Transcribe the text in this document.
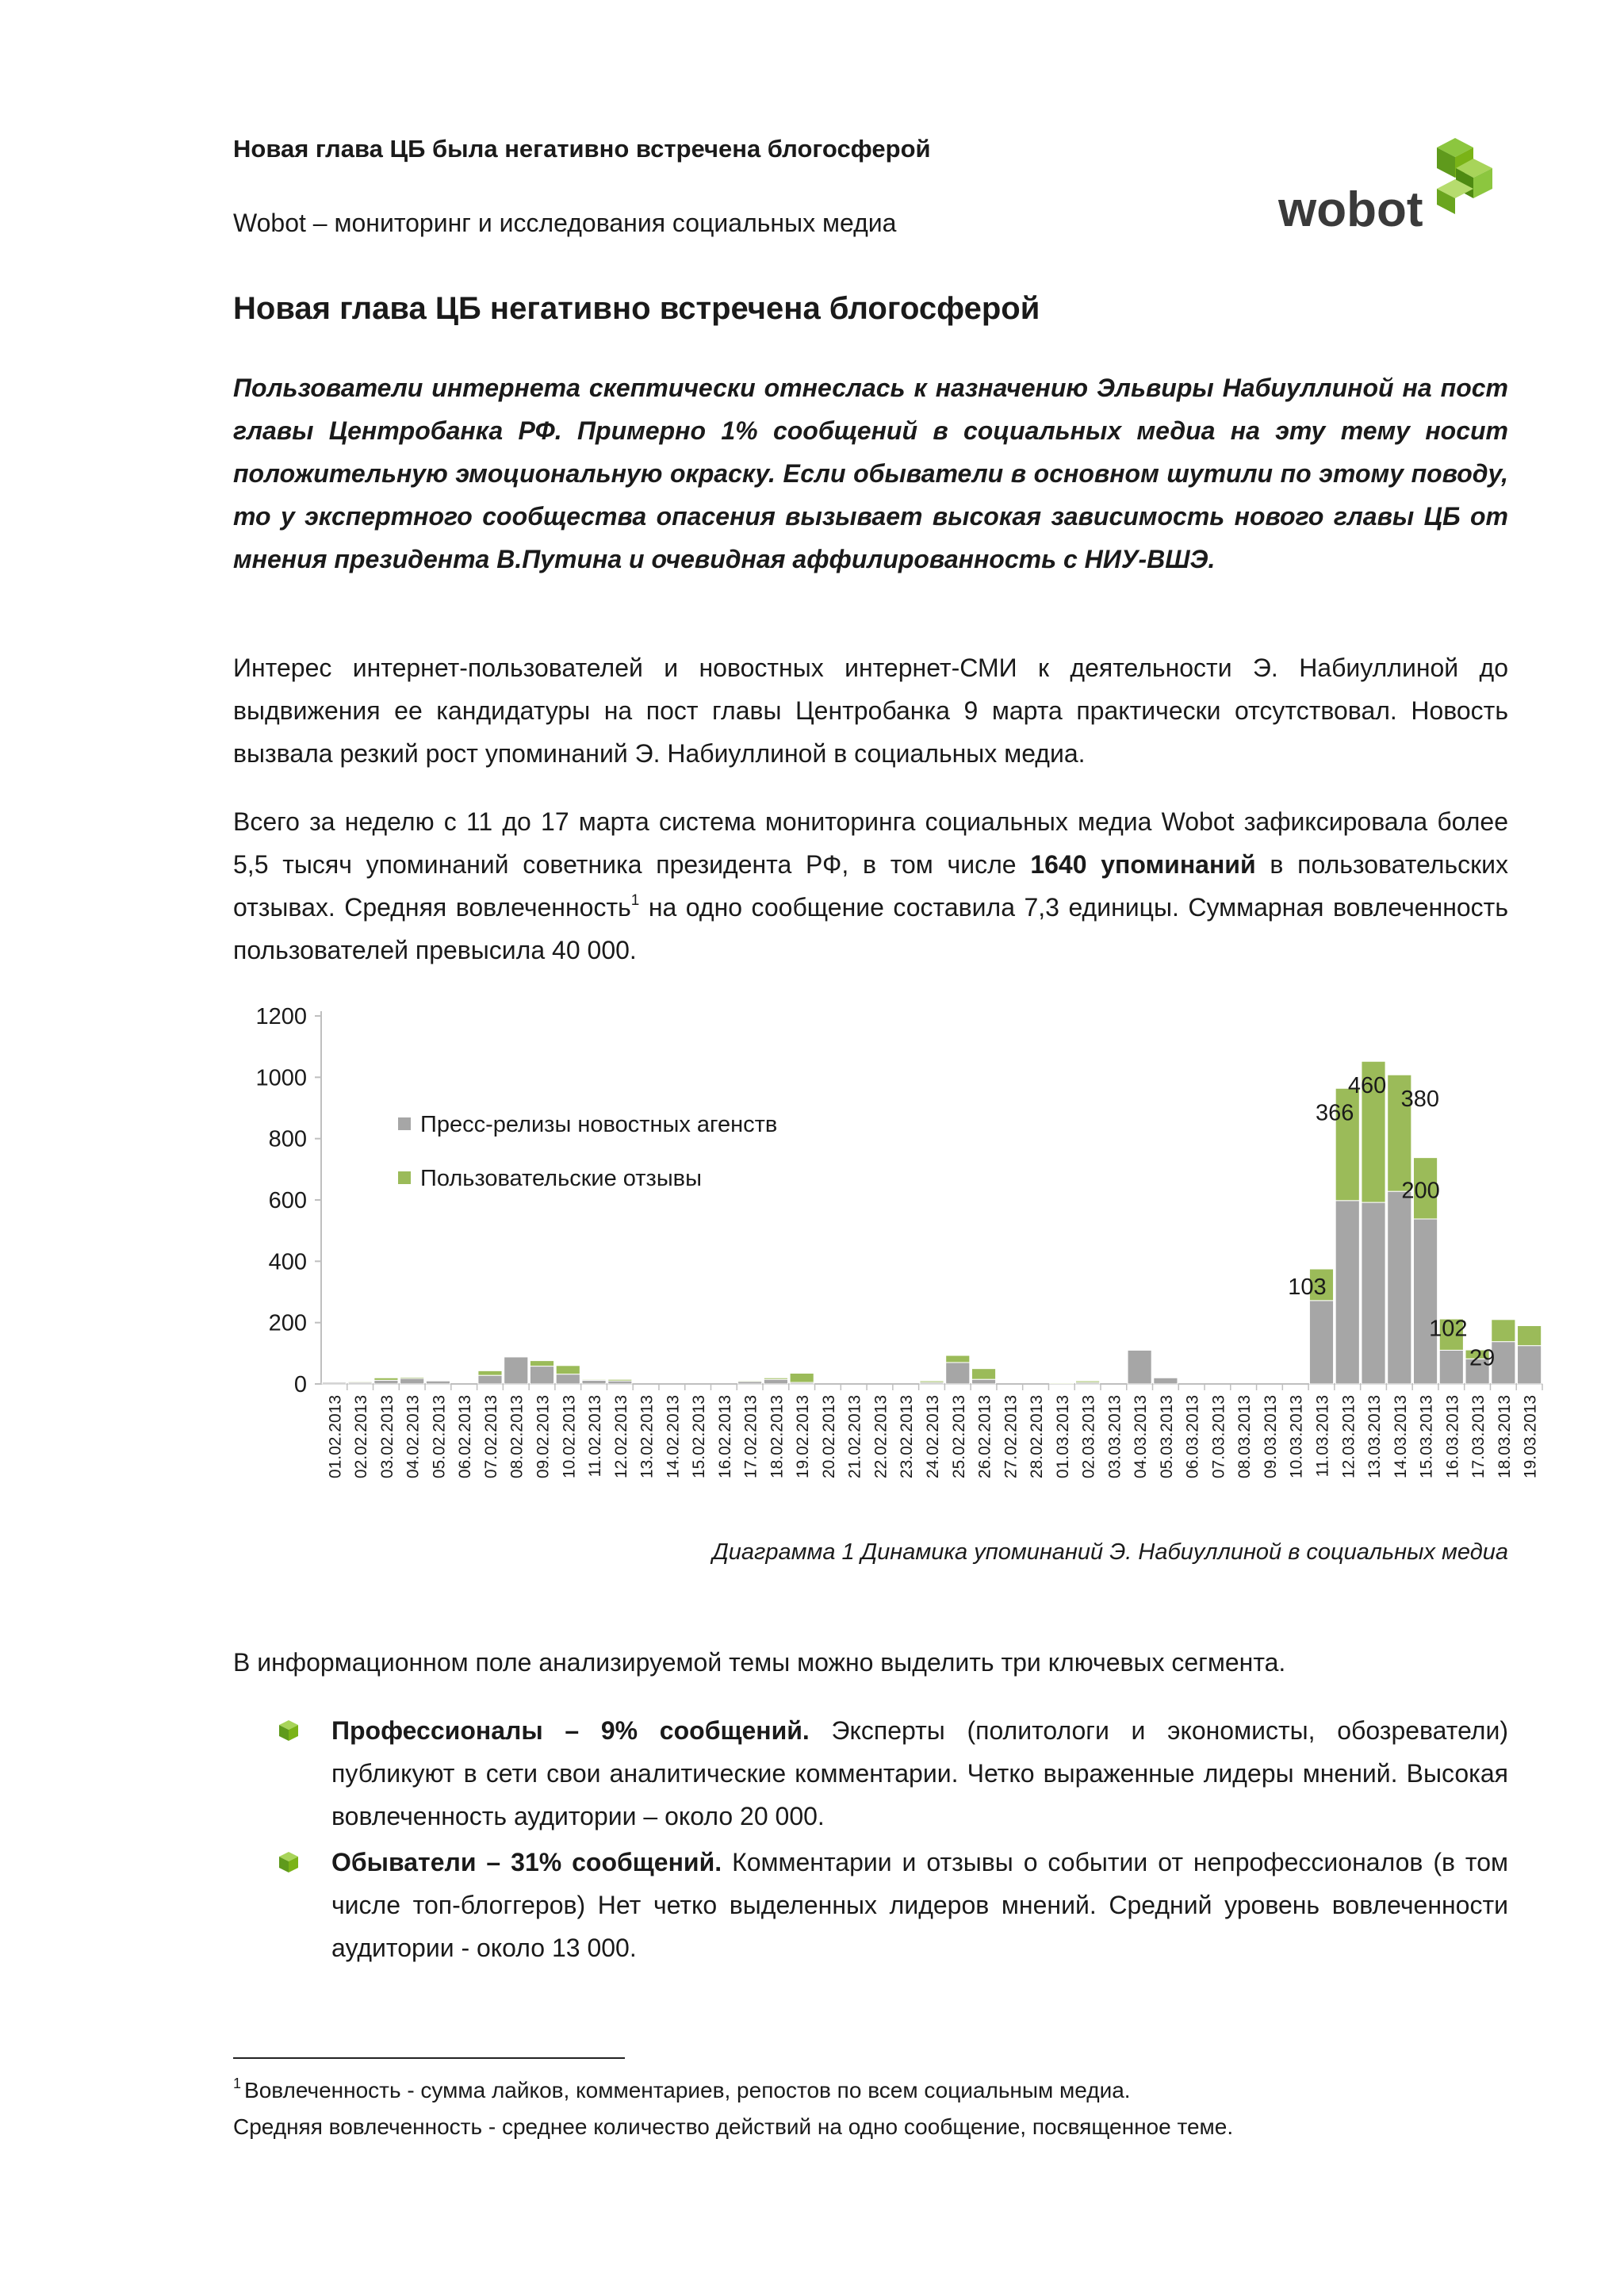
Новая глава ЦБ была негативно встречена блогосферой
Wobot – мониторинг и исследования социальных медиа	wobot
Новая глава ЦБ негативно встречена блогосферой
Пользователи интернета скептически отнеслась к назначению Эльвиры Набиуллиной на пост главы Центробанка РФ. Примерно 1% сообщений в социальных медиа на эту тему носит положительную эмоциональную окраску. Если обыватели в основном шутили по этому поводу, то у экспертного сообщества опасения вызывает высокая зависимость нового главы ЦБ от мнения президента В.Путина и очевидная аффилированность с НИУ-ВШЭ.
Интерес интернет-пользователей и новостных интернет-СМИ к деятельности Э. Набиуллиной до выдвижения ее кандидатуры на пост главы Центробанка 9 марта практически отсутствовал. Новость вызвала резкий рост упоминаний Э. Набиуллиной в социальных медиа.
Всего за неделю с 11 до 17 марта система мониторинга социальных медиа Wobot зафиксировала более 5,5 тысяч упоминаний советника президента РФ, в том числе 1640 упоминаний в пользовательских отзывах. Средняя вовлеченность$^1$ на одно сообщение составила 7,3 единицы. Суммарная вовлеченность пользователей превысила 40 000.
0
200
400
600
800
1000
1200
01.02.2013 02.02.2013 03.02.2013 04.02.2013 05.02.2013 06.02.2013 07.02.2013 08.02.2013 09.02.2013 10.02.2013 11.02.2013 12.02.2013 13.02.2013 14.02.2013 15.02.2013 16.02.2013 17.02.2013 18.02.2013 19.02.2013 20.02.2013 21.02.2013 22.02.2013 23.02.2013 24.02.2013 25.02.2013 26.02.2013 27.02.2013 28.02.2013 01.03.2013 02.03.2013 03.03.2013 04.03.2013 05.03.2013 06.03.2013 07.03.2013 08.03.2013 09.03.2013 10.03.2013 11.03.2013 12.03.2013 13.03.2013 14.03.2013 15.03.2013 16.03.2013 17.03.2013 18.03.2013 19.03.2013
103
366
460
380
200
102
29
Пресс-релизы новостных агенств
Пользовательские отзывы
Диаграмма 1 Динамика упоминаний Э. Набиуллиной в социальных медиа
В информационном поле анализируемой темы можно выделить три ключевых сегмента.
Профессионалы – 9% сообщений. Эксперты (политологи и экономисты, обозреватели) публикуют в сети свои аналитические комментарии. Четко выраженные лидеры мнений. Высокая вовлеченность аудитории – около 20 000.
Обыватели – 31% сообщений. Комментарии и отзывы о событии от непрофессионалов (в том числе топ-блоггеров) Нет четко выделенных лидеров мнений. Средний уровень вовлеченности аудитории - около 13 000.
$^1$ Вовлеченность - сумма лайков, комментариев, репостов по всем социальным медиа.
Средняя вовлеченность - среднее количество действий на одно сообщение, посвященное теме.
